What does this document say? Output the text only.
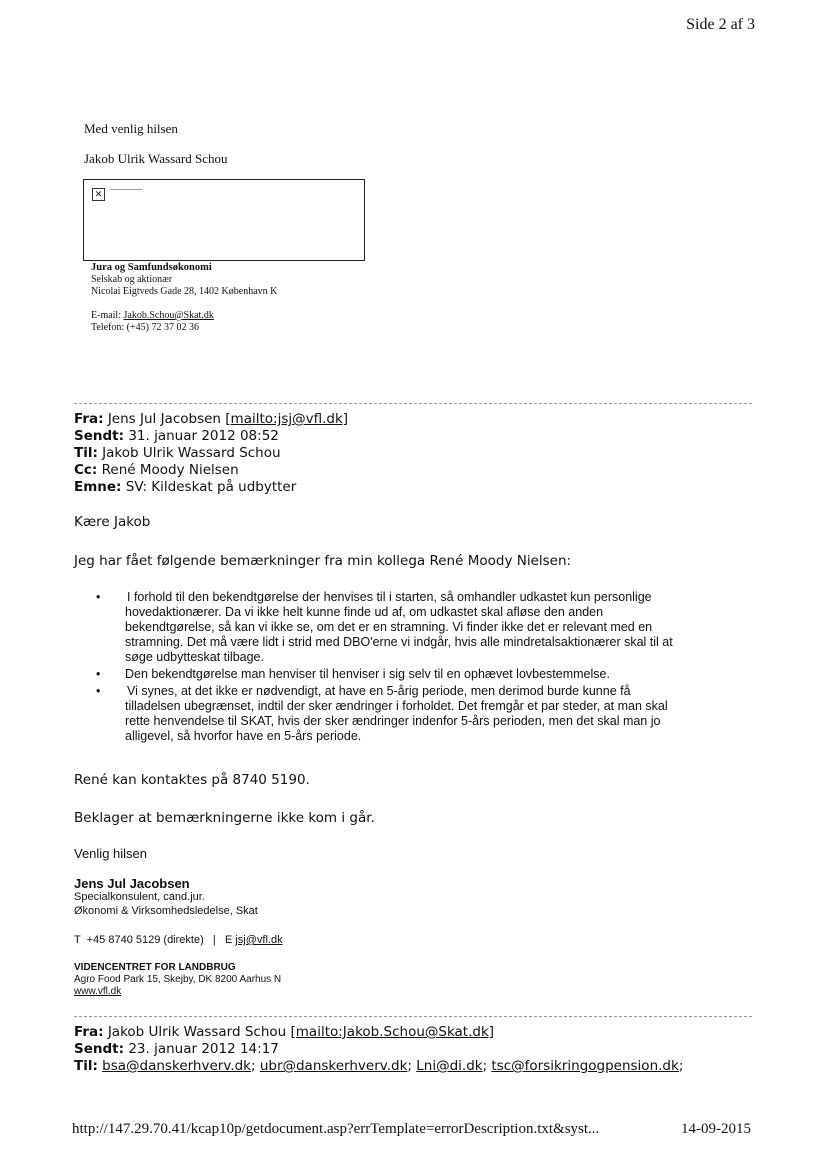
Side 2 af 3
Med venlig hilsen
Jakob Ulrik Wassard Schou
✕
Jura og Samfundsøkonomi
Selskab og aktionær
Nicolai Eigtveds Gade 28, 1402 København K
E-mail: Jakob.Schou@Skat.dk
Telefon: (+45) 72 37 02 36
Fra: Jens Jul Jacobsen [mailto:jsj@vfl.dk]
Sendt: 31. januar 2012 08:52
Til: Jakob Ulrik Wassard Schou
Cc: René Moody Nielsen
Emne: SV: Kildeskat på udbytter
Kære Jakob
Jeg har fået følgende bemærkninger fra min kollega René Moody Nielsen:
• I forhold til den bekendtgørelse der henvises til i starten, så omhandler udkastet kun personlige
hovedaktionærer. Da vi ikke helt kunne finde ud af, om udkastet skal afløse den anden
bekendtgørelse, så kan vi ikke se, om det er en stramning. Vi finder ikke det er relevant med en
stramning. Det må være lidt i strid med DBO'erne vi indgår, hvis alle mindretalsaktionærer skal til at
søge udbytteskat tilbage.
• Den bekendtgørelse man henviser til henviser i sig selv til en ophævet lovbestemmelse.
• Vi synes, at det ikke er nødvendigt, at have en 5-årig periode, men derimod burde kunne få
tilladelsen ubegrænset, indtil der sker ændringer i forholdet. Det fremgår et par steder, at man skal
rette henvendelse til SKAT, hvis der sker ændringer indenfor 5-års perioden, men det skal man jo
alligevel, så hvorfor have en 5-års periode.
René kan kontaktes på 8740 5190.
Beklager at bemærkningerne ikke kom i går.
Venlig hilsen
Jens Jul Jacobsen
Specialkonsulent, cand.jur.
Økonomi & Virksomhedsledelse, Skat
T  +45 8740 5129 (direkte)   |   E jsj@vfl.dk
VIDENCENTRET FOR LANDBRUG
Agro Food Park 15, Skejby, DK 8200 Aarhus N
www.vfl.dk
Fra: Jakob Ulrik Wassard Schou [mailto:Jakob.Schou@Skat.dk]
Sendt: 23. januar 2012 14:17
Til: bsa@danskerhverv.dk; ubr@danskerhverv.dk; Lni@di.dk; tsc@forsikringogpension.dk;
http://147.29.70.41/kcap10p/getdocument.asp?errTemplate=errorDescription.txt&syst...	14-09-2015
